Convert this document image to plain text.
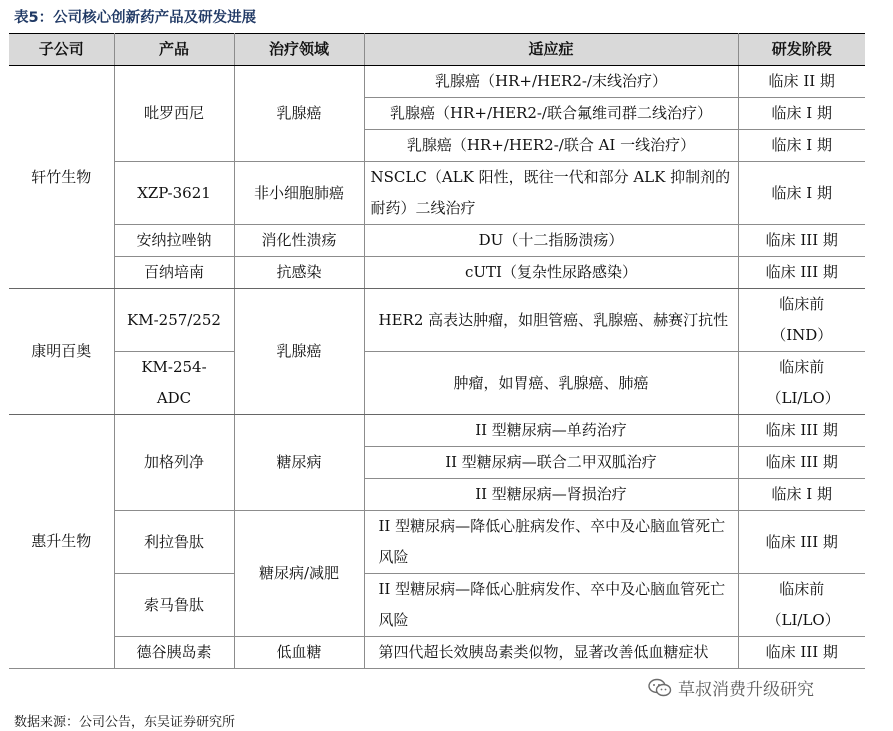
表5：公司核心创新药产品及研发进展
子公司	产品	治疗领域	适应症	研发阶段
轩竹生物	吡罗西尼	乳腺癌	乳腺癌（HR+/HER2-/末线治疗）	临床 II 期
			乳腺癌（HR+/HER2-/联合氟维司群二线治疗）	临床 I 期
			乳腺癌（HR+/HER2-/联合 AI 一线治疗）	临床 I 期
	XZP-3621	非小细胞肺癌	NSCLC（ALK 阳性，既往一代和部分 ALK 抑制剂的耐药）二线治疗	临床 I 期
	安纳拉唑钠	消化性溃疡	DU（十二指肠溃疡）	临床 III 期
	百纳培南	抗感染	cUTI（复杂性尿路感染）	临床 III 期
康明百奥	KM-257/252	乳腺癌	HER2 高表达肿瘤，如胆管癌、乳腺癌、赫赛汀抗性	临床前（IND）
	KM-254-ADC		肿瘤，如胃癌、乳腺癌、肺癌	临床前（LI/LO）
惠升生物	加格列净	糖尿病	II 型糖尿病—单药治疗	临床 III 期
			II 型糖尿病—联合二甲双胍治疗	临床 III 期
			II 型糖尿病—肾损治疗	临床 I 期
	利拉鲁肽	糖尿病/减肥	II 型糖尿病—降低心脏病发作、卒中及心脑血管死亡风险	临床 III 期
	索马鲁肽		II 型糖尿病—降低心脏病发作、卒中及心脑血管死亡风险	临床前（LI/LO）
	德谷胰岛素	低血糖	第四代超长效胰岛素类似物，显著改善低血糖症状	临床 III 期
草叔消费升级研究
数据来源：公司公告，东吴证券研究所
